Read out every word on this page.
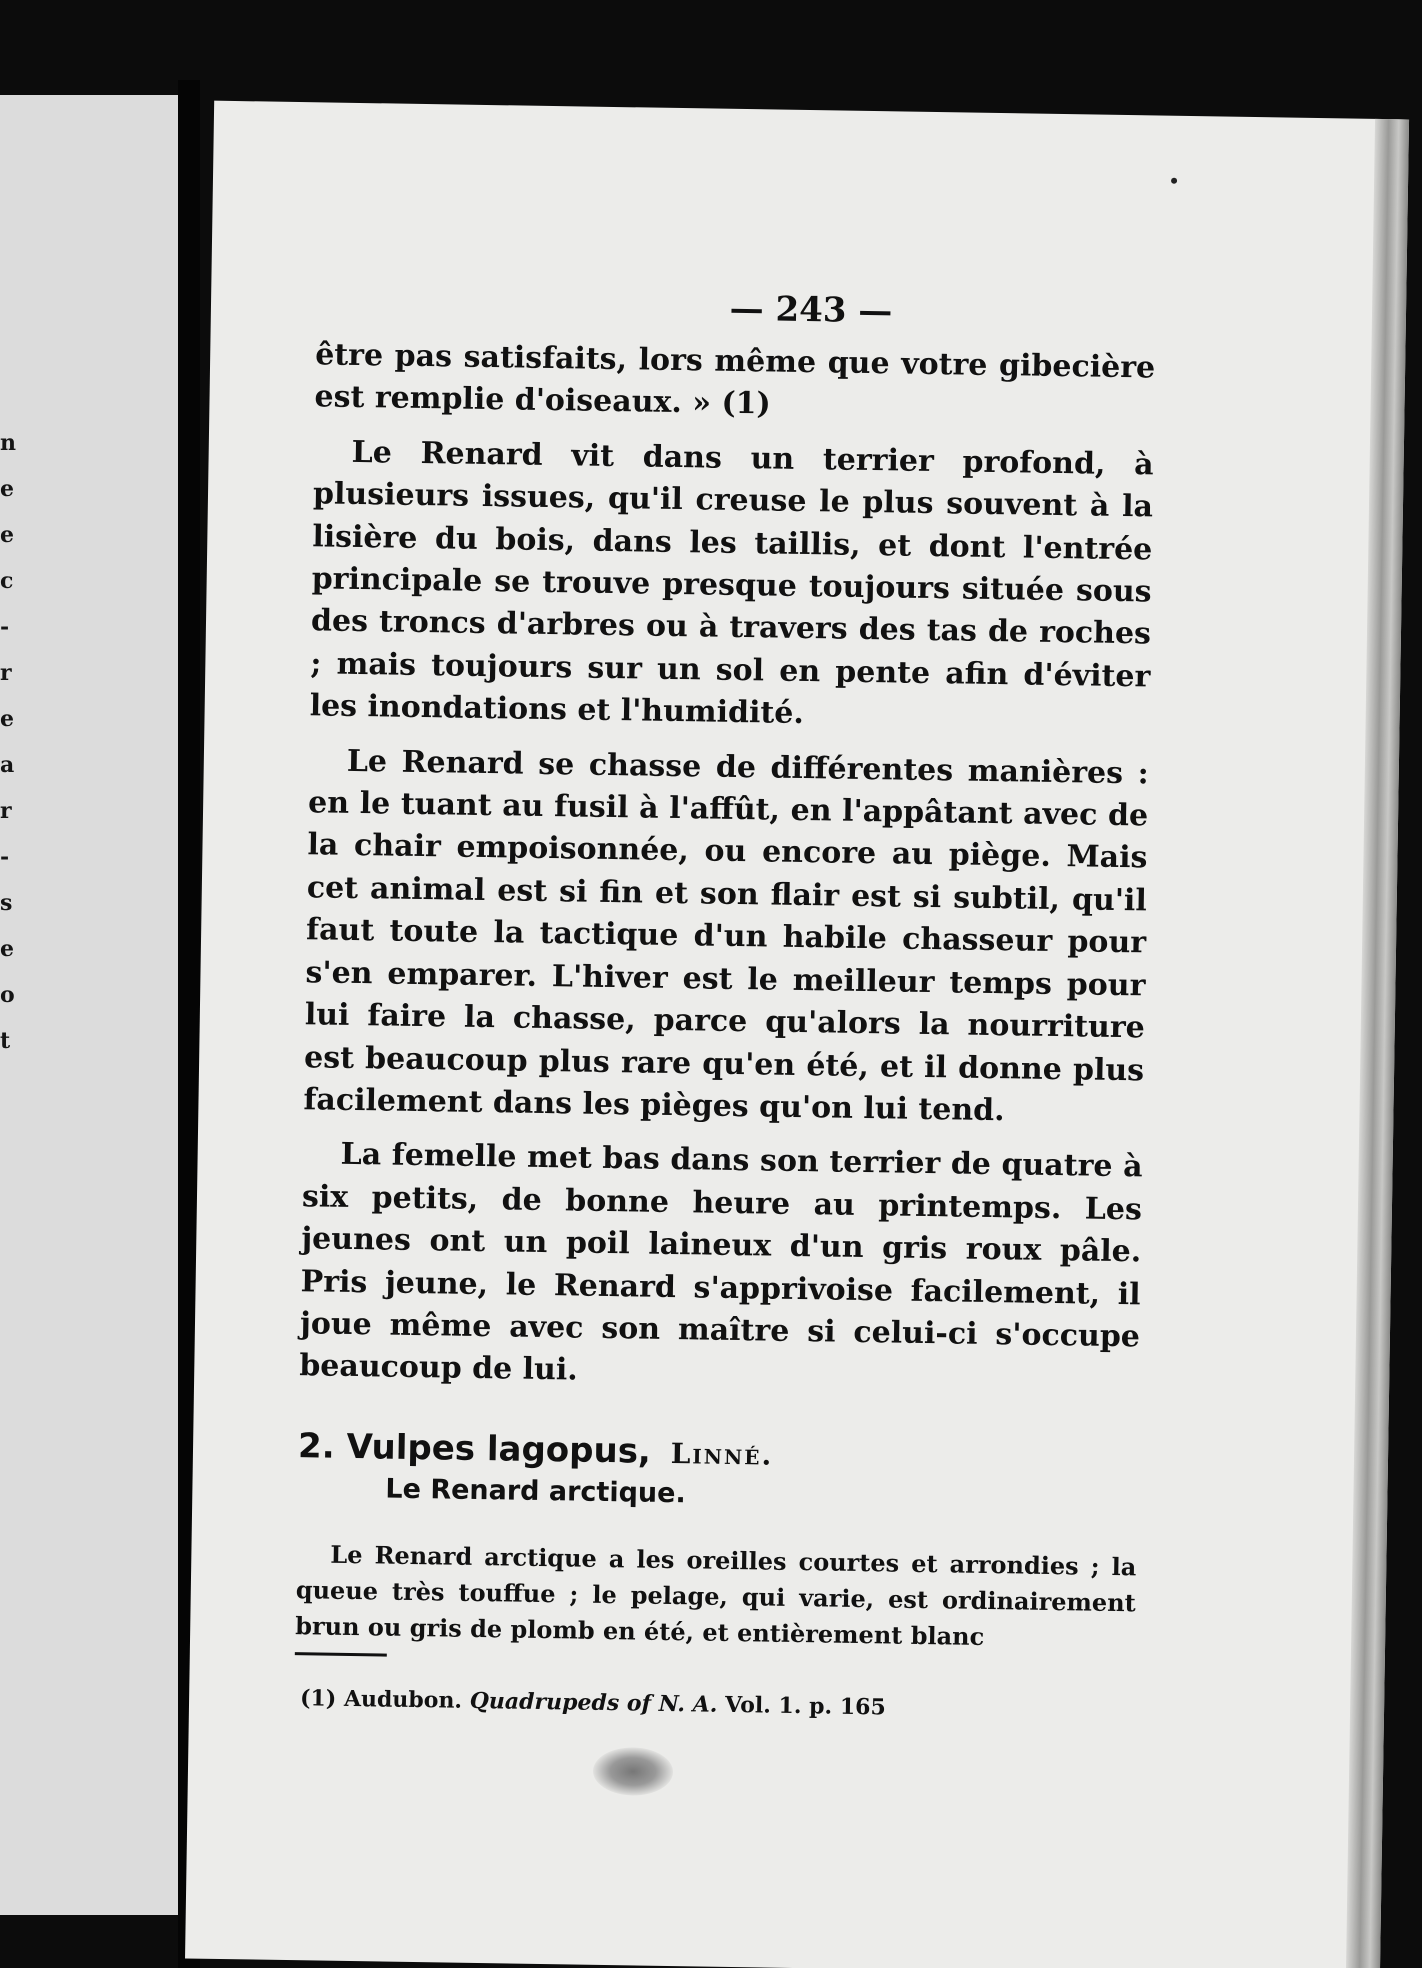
n
e
e
c
-
r
e
a
r
-
s
e
o
t
— 243 —

être pas satisfaits, lors même que votre gibecière est remplie d'oiseaux. » (1)

Le Renard vit dans un terrier profond, à plusieurs issues, qu'il creuse le plus souvent à la lisière du bois, dans les taillis, et dont l'entrée principale se trouve presque toujours située sous des troncs d'arbres ou à travers des tas de roches ; mais toujours sur un sol en pente afin d'éviter les inondations et l'humidité.

Le Renard se chasse de différentes manières : en le tuant au fusil à l'affût, en l'appâtant avec de la chair empoisonnée, ou encore au piège. Mais cet animal est si fin et son flair est si subtil, qu'il faut toute la tactique d'un habile chasseur pour s'en emparer. L'hiver est le meilleur temps pour lui faire la chasse, parce qu'alors la nourriture est beaucoup plus rare qu'en été, et il donne plus facilement dans les pièges qu'on lui tend.

La femelle met bas dans son terrier de quatre à six petits, de bonne heure au printemps. Les jeunes ont un poil laineux d'un gris roux pâle. Pris jeune, le Renard s'apprivoise facilement, il joue même avec son maître si celui-ci s'occupe beaucoup de lui.

2. Vulpes lagopus, Linné.
Le Renard arctique.
Le Renard arctique a les oreilles courtes et arrondies ; la queue très touffue ; le pelage, qui varie, est ordinairement brun ou gris de plomb en été, et entièrement blanc
(1) Audubon. Quadrupeds of N. A. Vol. 1. p. 165
